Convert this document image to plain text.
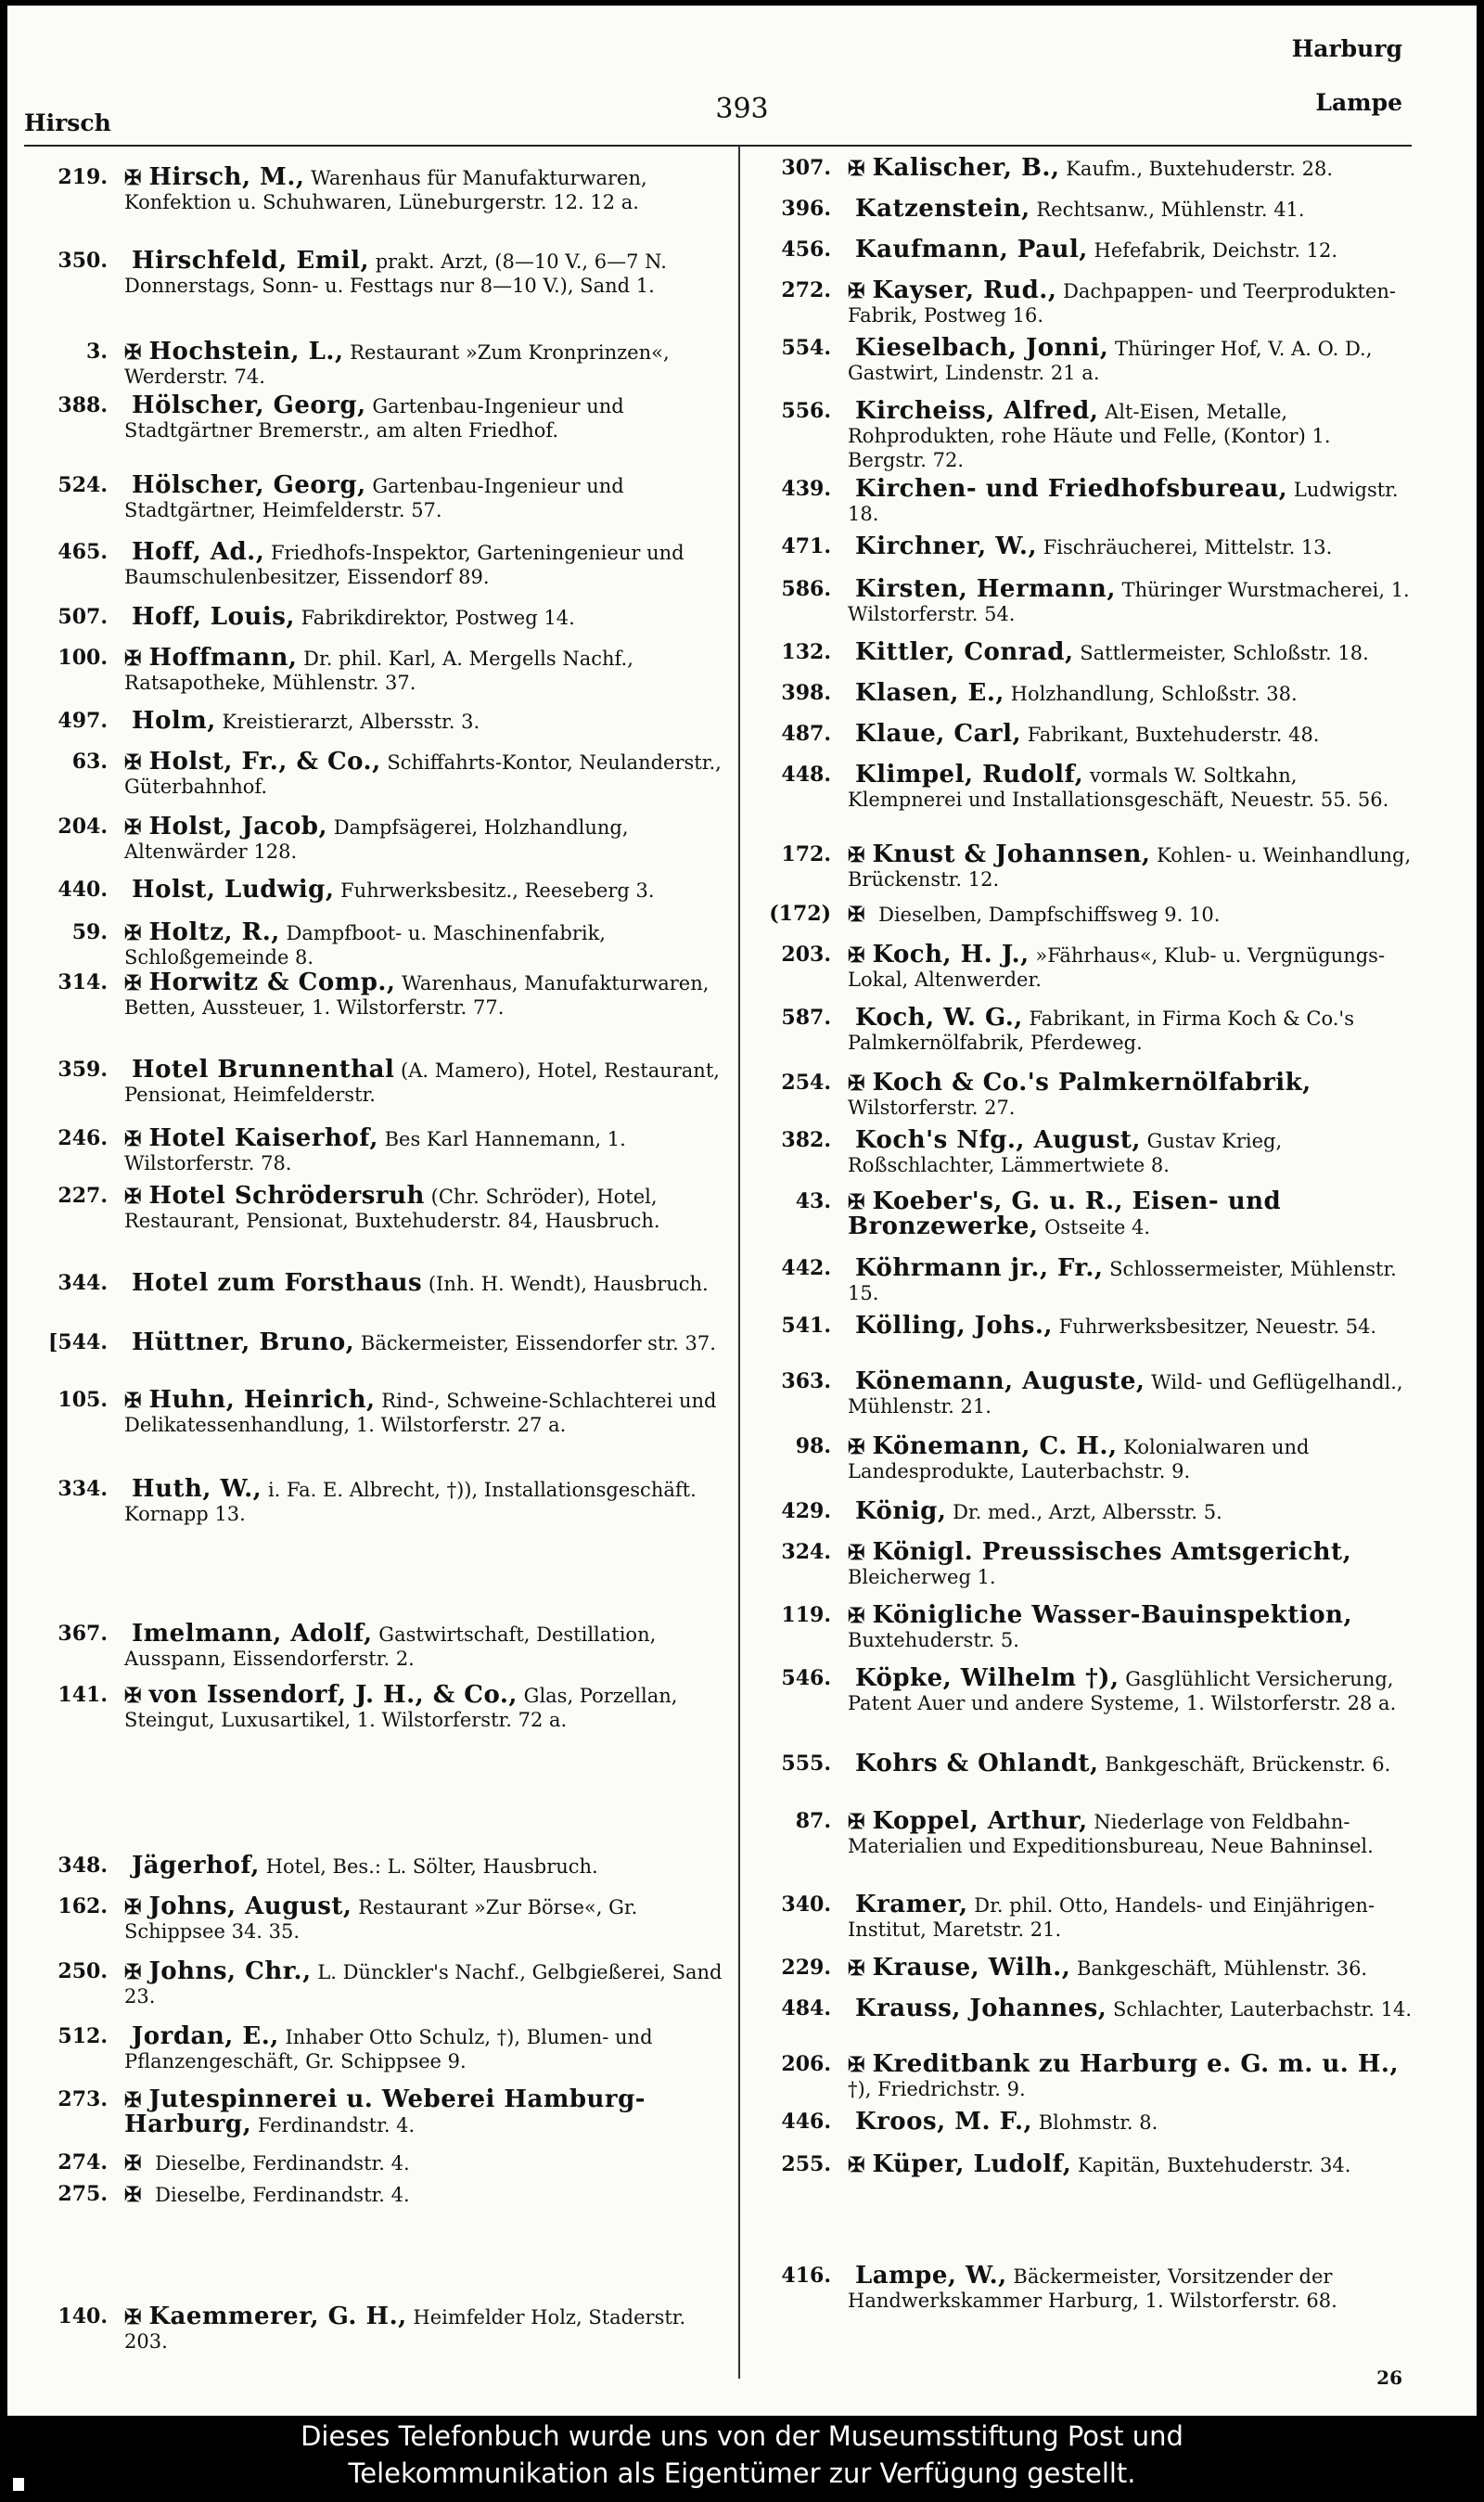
Hirsch	393
Harburg
Lampe
219. ✠ Hirsch, M., Warenhaus für Manufakturwaren, Konfektion u. Schuhwaren, Lüneburgerstr. 12. 12 a.
350.	Hirschfeld, Emil, prakt. Arzt, (8—10 V., 6—7 N. Donnerstags, Sonn- u. Festtags nur 8—10 V.), Sand 1.
3. ✠ Hochstein, L., Restaurant »Zum Kronprinzen«, Werderstr. 74.
388.	Hölscher, Georg, Gartenbau-Ingenieur und Stadtgärtner Bremerstr., am alten Friedhof.
524.	Hölscher, Georg, Gartenbau-Ingenieur und Stadtgärtner, Heimfelderstr. 57.
465.	Hoff, Ad., Friedhofs-Inspektor, Garteningenieur und Baumschulenbesitzer, Eissendorf 89.
507.	Hoff, Louis, Fabrikdirektor, Postweg 14.
100. ✠ Hoffmann, Dr. phil. Karl, A. Mergells Nachf., Ratsapotheke, Mühlenstr. 37.
497.	Holm, Kreistierarzt, Albersstr. 3.
63. ✠ Holst, Fr., & Co., Schiffahrts-Kontor, Neulanderstr., Güterbahnhof.
204. ✠ Holst, Jacob, Dampfsägerei, Holzhandlung, Altenwärder 128.
440.	Holst, Ludwig, Fuhrwerksbesitz., Reeseberg 3.
59. ✠ Holtz, R., Dampfboot- u. Maschinenfabrik, Schloßgemeinde 8.
314. ✠ Horwitz & Comp., Warenhaus, Manufakturwaren, Betten, Aussteuer, 1. Wilstorferstr. 77.
359.	Hotel Brunnenthal (A. Mamero), Hotel, Restaurant, Pensionat, Heimfelderstr.
246. ✠ Hotel Kaiserhof, Bes Karl Hannemann, 1. Wilstorferstr. 78.
227. ✠ Hotel Schrödersruh (Chr. Schröder), Hotel, Restaurant, Pensionat, Buxtehuderstr. 84, Hausbruch.
344.	Hotel zum Forsthaus (Inh. H. Wendt), Hausbruch.
[544.	Hüttner, Bruno, Bäckermeister, Eissendorfer str. 37.
105. ✠ Huhn, Heinrich, Rind-, Schweine-Schlachterei und Delikatessenhandlung, 1. Wilstorferstr. 27 a.
334.	Huth, W., i. Fa. E. Albrecht, †)), Installationsgeschäft. Kornapp 13.
367.	Imelmann, Adolf, Gastwirtschaft, Destillation, Ausspann, Eissendorferstr. 2.
141. ✠ von Issendorf, J. H., & Co., Glas, Porzellan, Steingut, Luxusartikel, 1. Wilstorferstr. 72 a.
348.	Jägerhof, Hotel, Bes.: L. Sölter, Hausbruch.
162. ✠ Johns, August, Restaurant »Zur Börse«, Gr. Schippsee 34. 35.
250. ✠ Johns, Chr., L. Dünckler's Nachf., Gelbgießerei, Sand 23.
512.	Jordan, E., Inhaber Otto Schulz, †), Blumen- und Pflanzengeschäft, Gr. Schippsee 9.
273. ✠ Jutespinnerei u. Weberei Hamburg-Harburg, Ferdinandstr. 4.
274. ✠ Dieselbe, Ferdinandstr. 4.
275. ✠ Dieselbe, Ferdinandstr. 4.
140. ✠ Kaemmerer, G. H., Heimfelder Holz, Staderstr. 203.
307. ✠ Kalischer, B., Kaufm., Buxtehuderstr. 28.
396.	Katzenstein, Rechtsanw., Mühlenstr. 41.
456.	Kaufmann, Paul, Hefefabrik, Deichstr. 12.
272. ✠ Kayser, Rud., Dachpappen- und Teerprodukten-Fabrik, Postweg 16.
554.	Kieselbach, Jonni, Thüringer Hof, V. A. O. D., Gastwirt, Lindenstr. 21 a.
556.	Kircheiss, Alfred, Alt-Eisen, Metalle, Rohprodukten, rohe Häute und Felle, (Kontor) 1. Bergstr. 72.
439.	Kirchen- und Friedhofsbureau, Ludwigstr. 18.
471.	Kirchner, W., Fischräucherei, Mittelstr. 13.
586.	Kirsten, Hermann, Thüringer Wurstmacherei, 1. Wilstorferstr. 54.
132.	Kittler, Conrad, Sattlermeister, Schloßstr. 18.
398.	Klasen, E., Holzhandlung, Schloßstr. 38.
487.	Klaue, Carl, Fabrikant, Buxtehuderstr. 48.
448.	Klimpel, Rudolf, vormals W. Soltkahn, Klempnerei und Installationsgeschäft, Neuestr. 55. 56.
172. ✠ Knust & Johannsen, Kohlen- u. Weinhandlung, Brückenstr. 12.
(172) ✠ Dieselben, Dampfschiffsweg 9. 10.
203. ✠ Koch, H. J., »Fährhaus«, Klub- u. Vergnügungs-Lokal, Altenwerder.
587.	Koch, W. G., Fabrikant, in Firma Koch & Co.'s Palmkernölfabrik, Pferdeweg.
254. ✠ Koch & Co.'s Palmkernölfabrik, Wilstorferstr. 27.
382.	Koch's Nfg., August, Gustav Krieg, Roßschlachter, Lämmertwiete 8.
43. ✠ Koeber's, G. u. R., Eisen- und Bronzewerke, Ostseite 4.
442.	Köhrmann jr., Fr., Schlossermeister, Mühlenstr. 15.
541.	Kölling, Johs., Fuhrwerksbesitzer, Neuestr. 54.
363.	Könemann, Auguste, Wild- und Geflügelhandl., Mühlenstr. 21.
98. ✠ Könemann, C. H., Kolonialwaren und Landesprodukte, Lauterbachstr. 9.
429.	König, Dr. med., Arzt, Albersstr. 5.
324. ✠ Königl. Preussisches Amtsgericht, Bleicherweg 1.
119. ✠ Königliche Wasser-Bauinspektion, Buxtehuderstr. 5.
546.	Köpke, Wilhelm †), Gasglühlicht Versicherung, Patent Auer und andere Systeme, 1. Wilstorferstr. 28 a.
555.	Kohrs & Ohlandt, Bankgeschäft, Brückenstr. 6.
87. ✠ Koppel, Arthur, Niederlage von Feldbahn-Materialien und Expeditionsbureau, Neue Bahninsel.
340.	Kramer, Dr. phil. Otto, Handels- und Einjährigen-Institut, Maretstr. 21.
229. ✠ Krause, Wilh., Bankgeschäft, Mühlenstr. 36.
484.	Krauss, Johannes, Schlachter, Lauterbachstr. 14.
206. ✠ Kreditbank zu Harburg e. G. m. u. H., †), Friedrichstr. 9.
446.	Kroos, M. F., Blohmstr. 8.
255. ✠ Küper, Ludolf, Kapitän, Buxtehuderstr. 34.
416.	Lampe, W., Bäckermeister, Vorsitzender der Handwerkskammer Harburg, 1. Wilstorferstr. 68.
26
Dieses Telefonbuch wurde uns von der Museumsstiftung Post und
Telekommunikation als Eigentümer zur Verfügung gestellt.
